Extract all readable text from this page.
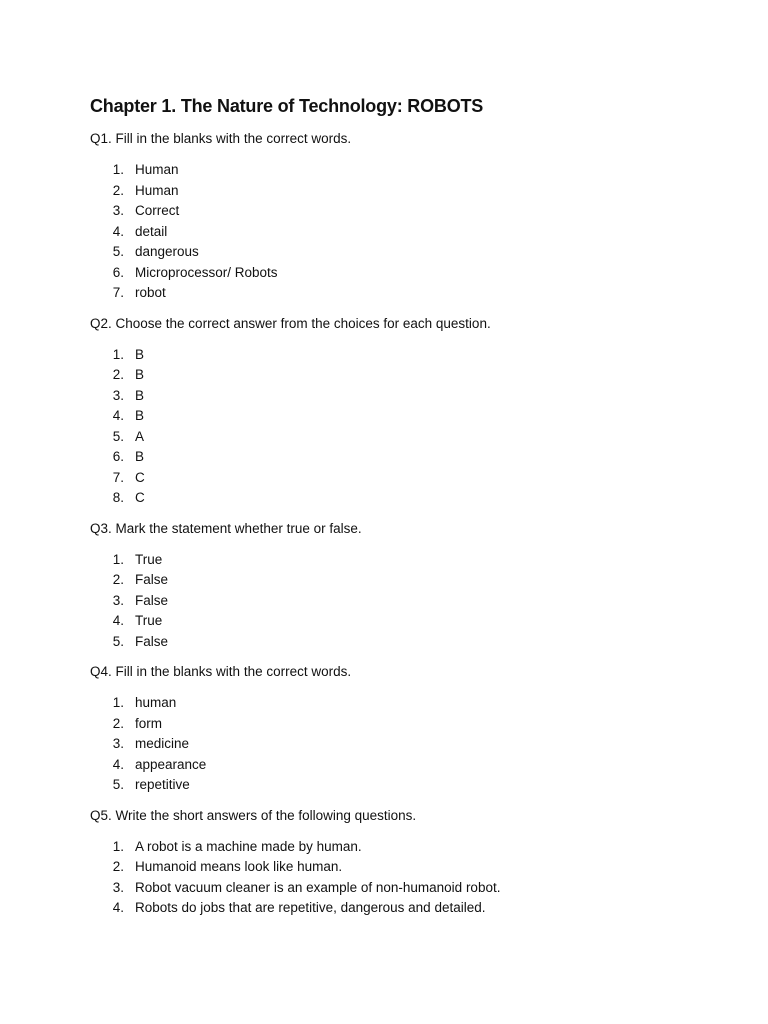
Chapter 1. The Nature of Technology: ROBOTS

Q1. Fill in the blanks with the correct words.

1. Human
2. Human
3. Correct
4. detail
5. dangerous
6. Microprocessor/ Robots
7. robot

Q2. Choose the correct answer from the choices for each question.

1. B
2. B
3. B
4. B
5. A
6. B
7. C
8. C

Q3. Mark the statement whether true or false.

1. True
2. False
3. False
4. True
5. False

Q4. Fill in the blanks with the correct words.

1. human
2. form
3. medicine
4. appearance
5. repetitive

Q5. Write the short answers of the following questions.

1. A robot is a machine made by human.
2. Humanoid means look like human.
3. Robot vacuum cleaner is an example of non-humanoid robot.
4. Robots do jobs that are repetitive, dangerous and detailed.
